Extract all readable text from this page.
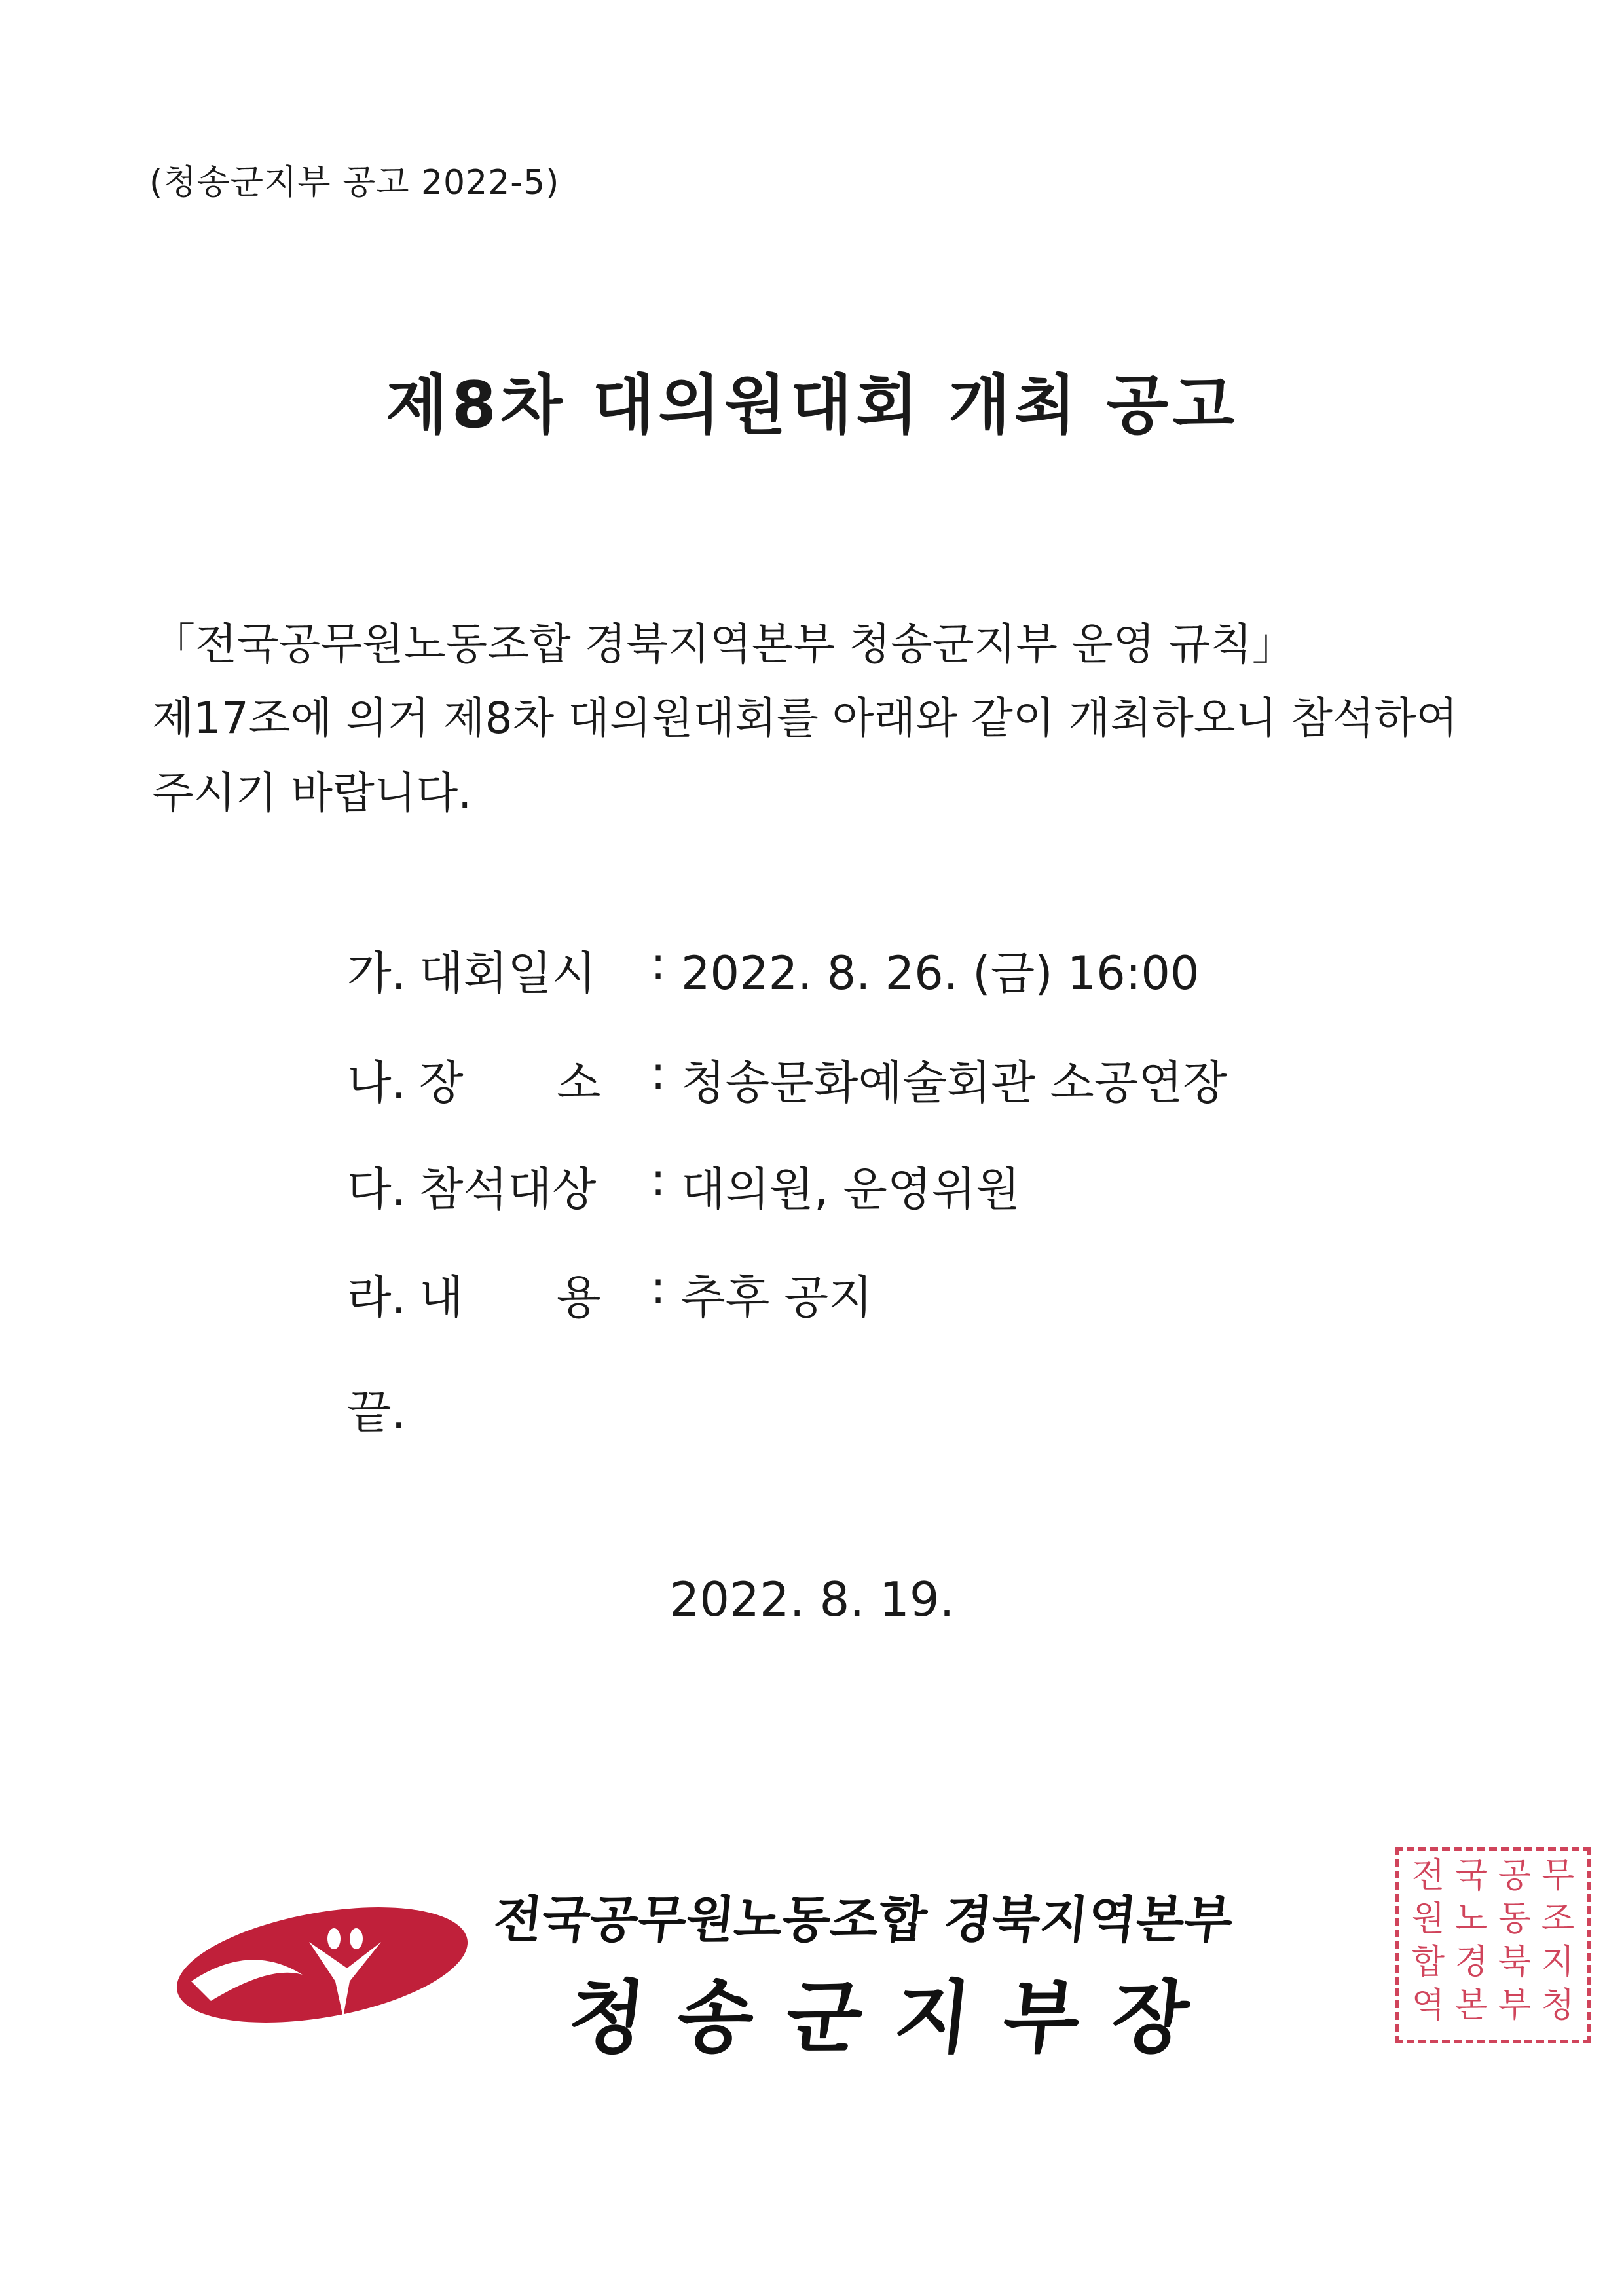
(청송군지부 공고 2022-5)
제8차 대의원대회 개최 공고
「전국공무원노동조합 경북지역본부 청송군지부 운영 규칙」
제17조에 의거 제8차 대의원대회를 아래와 같이 개최하오니 참석하여
주시기 바랍니다.
가. 대회일시	: 2022. 8. 26. (금) 16:00
나. 장 소	: 청송문화예술회관 소공연장
다. 참석대상	: 대의원, 운영위원
라. 내 용	: 추후 공지
끝.
2022. 8. 19.
전국공무원노동조합 경북지역본부
청송군지부장
전 국 공 무
원 노 동 조
합 경 북 지
역 본 부 청
